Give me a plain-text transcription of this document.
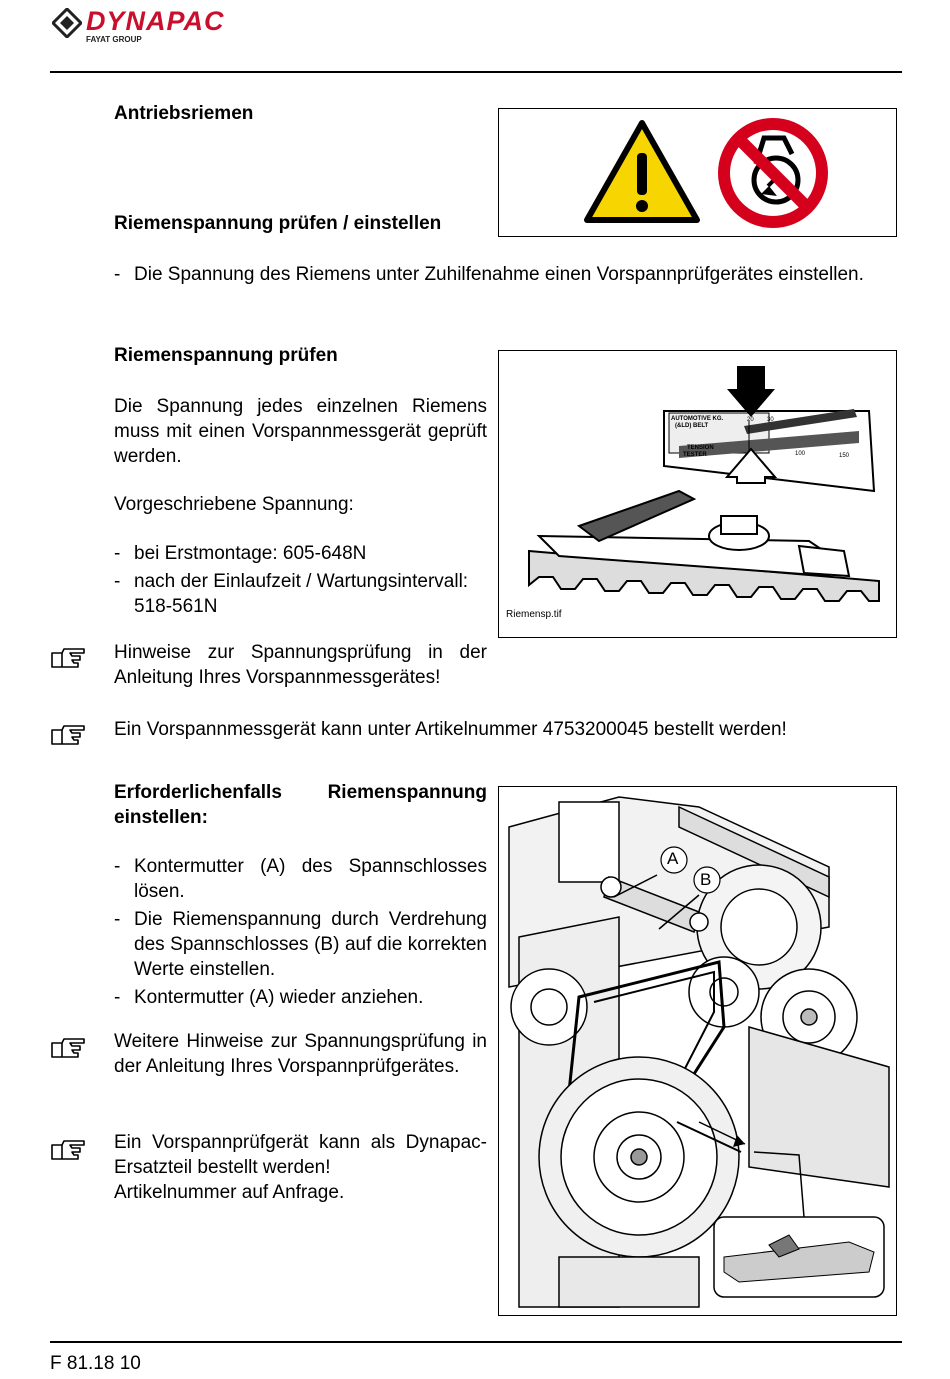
DYNAPAC
FAYAT GROUP
Antriebsriemen
Riemenspannung prüfen / einstellen
- Die Spannung des Riemens unter Zuhilfenahme einen Vorspannprüfgerätes einstellen.
Riemenspannung prüfen
Die Spannung jedes einzelnen Riemens muss mit einen Vorspannmessgerät geprüft werden.
Vorgeschriebene Spannung:
- bei Erstmontage: 605-648N
- nach der Einlaufzeit / Wartungsintervall: 518-561N
AUTOMOTIVE KG.
(&LD) BELT
TENSION
TESTER
20 30
100	150
Riemensp.tif
Hinweise zur Spannungsprüfung in der Anleitung Ihres Vorspannmessgerätes!
Ein Vorspannmessgerät kann unter Artikelnummer 4753200045 bestellt werden!
Erforderlichenfalls Riemenspannung einstellen:
- Kontermutter (A) des Spannschlosses lösen.
- Die Riemenspannung durch Verdrehung des Spannschlosses (B) auf die korrekten Werte einstellen.
- Kontermutter (A) wieder anziehen.
Weitere Hinweise zur Spannungsprüfung in der Anleitung Ihres Vorspannprüfgerätes.
Ein Vorspannprüfgerät kann als Dynapac-Ersatzteil bestellt werden!
Artikelnummer auf Anfrage.
A
B
F 81.18 10
